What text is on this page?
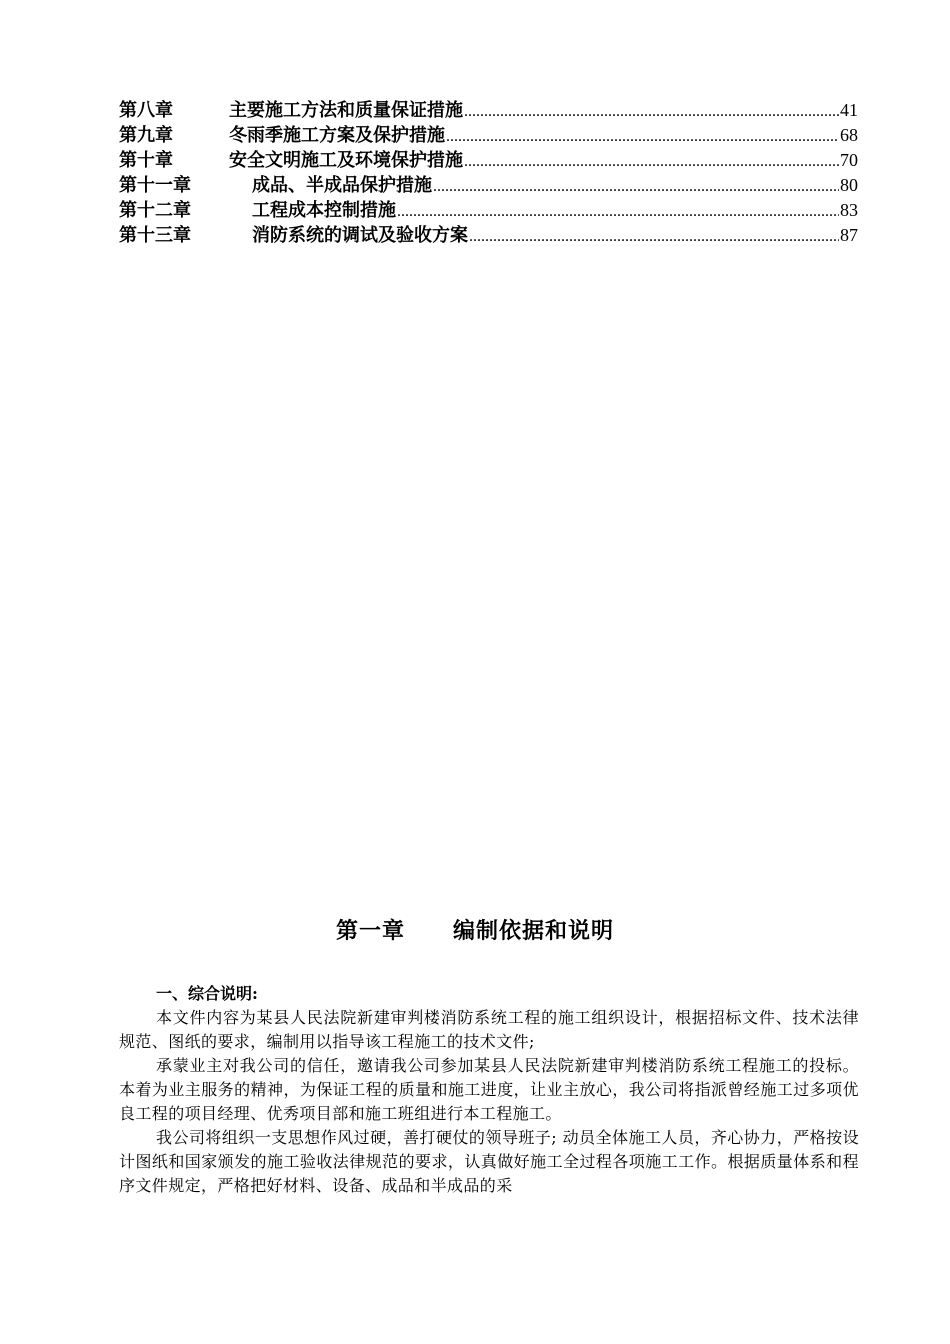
第八章	主要施工方法和质量保证措施 .....	41
第九章	冬雨季施工方案及保护措施 .....	68
第十章	安全文明施工及环境保护措施 .....	70
第十一章	成品、半成品保护措施 .....	80
第十二章	工程成本控制措施 .....	83
第十三章	消防系统的调试及验收方案 .....	87
第一章 编制依据和说明
一、综合说明:

本文件内容为某县人民法院新建审判楼消防系统工程的施工组织设计，根据招标文件、技术法律规范、图纸的要求，编制用以指导该工程施工的技术文件;

承蒙业主对我公司的信任，邀请我公司参加某县人民法院新建审判楼消防系统工程施工的投标。本着为业主服务的精神，为保证工程的质量和施工进度，让业主放心，我公司将指派曾经施工过多项优良工程的项目经理、优秀项目部和施工班组进行本工程施工。

我公司将组织一支思想作风过硬，善打硬仗的领导班子; 动员全体施工人员，齐心协力，严格按设计图纸和国家颁发的施工验收法律规范的要求，认真做好施工全过程各项施工工作。根据质量体系和程序文件规定，严格把好材料、设备、成品和半成品的采
